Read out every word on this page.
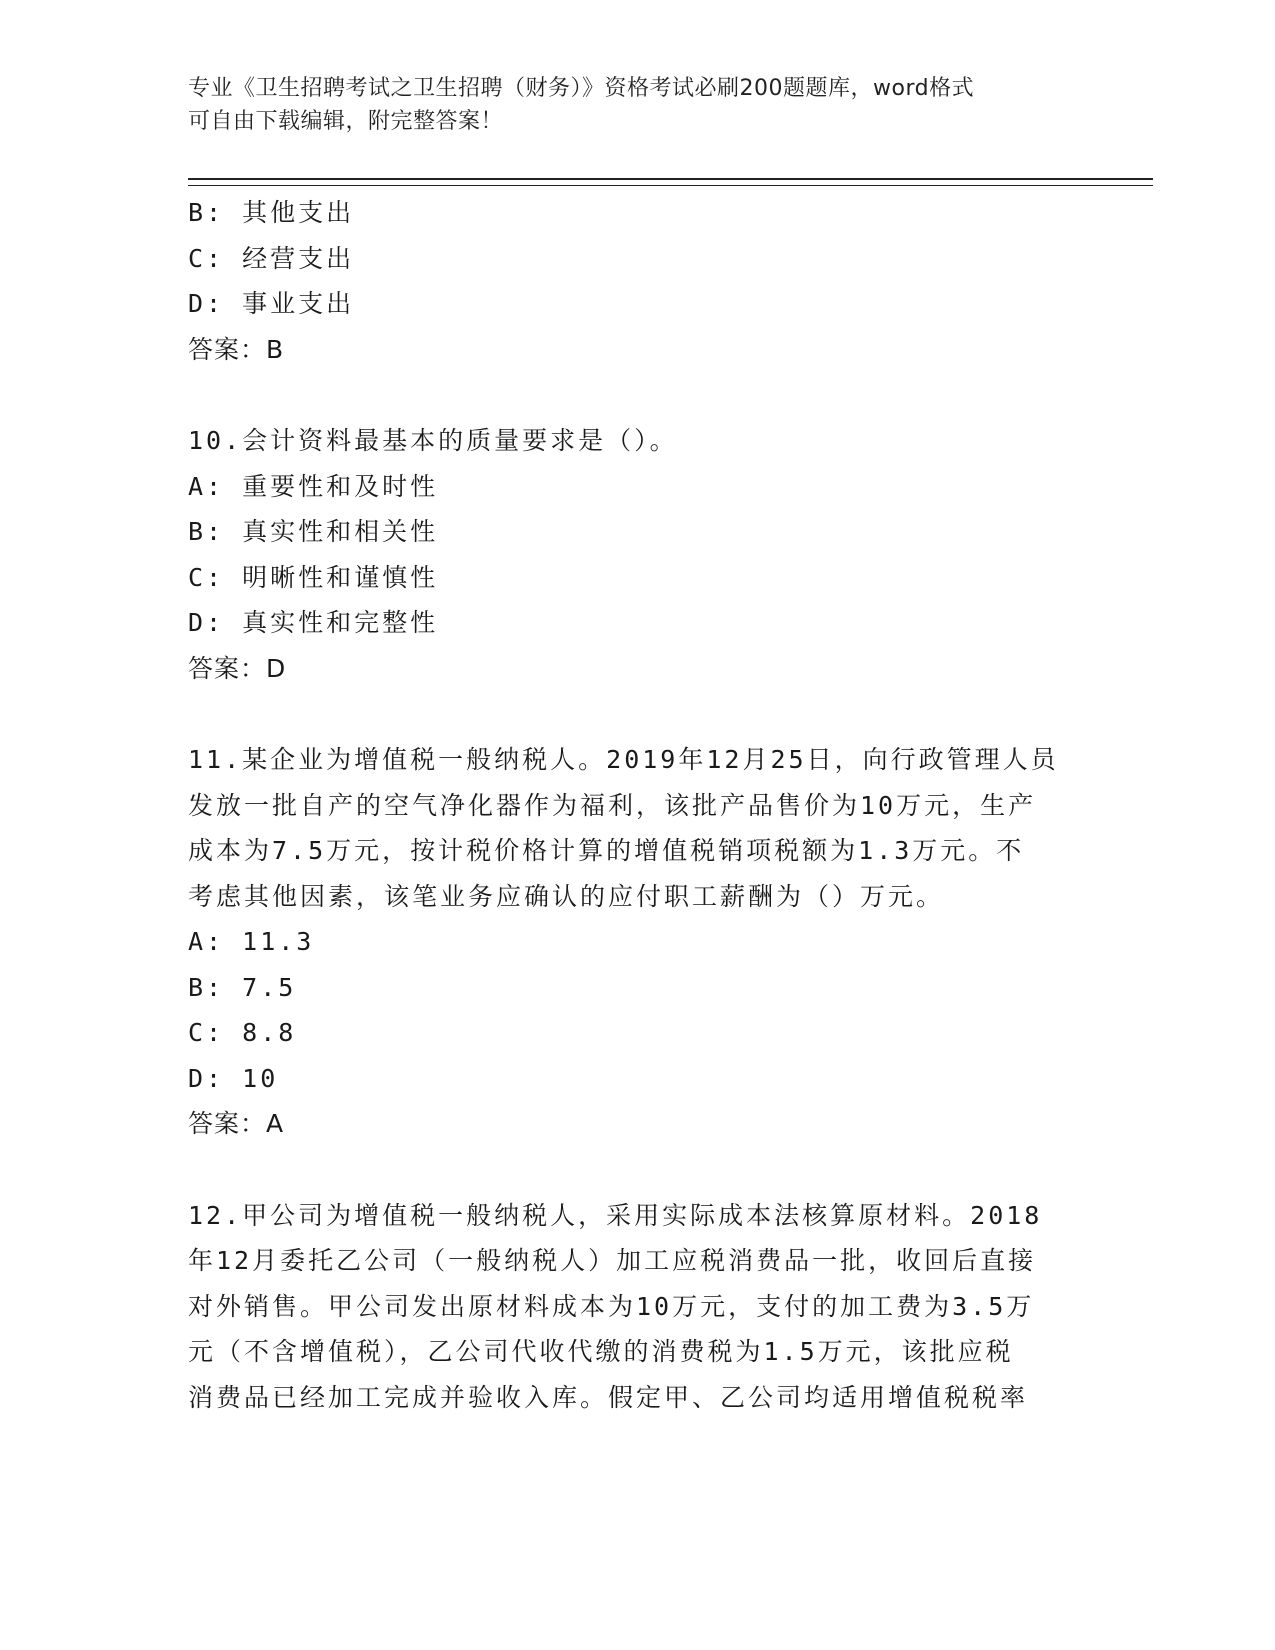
专业《卫生招聘考试之卫生招聘（财务）》资格考试必刷200题题库，word格式
可自由下载编辑，附完整答案！
B: 其他支出
C: 经营支出
D: 事业支出
答案：B
10.会计资料最基本的质量要求是（）。
A: 重要性和及时性
B: 真实性和相关性
C: 明晰性和谨慎性
D: 真实性和完整性
答案：D
11.某企业为增值税一般纳税人。2019年12月25日，向行政管理人员
发放一批自产的空气净化器作为福利，该批产品售价为10万元，生产
成本为7.5万元，按计税价格计算的增值税销项税额为1.3万元。不
考虑其他因素，该笔业务应确认的应付职工薪酬为（）万元。
A: 11.3
B: 7.5
C: 8.8
D: 10
答案：A
12.甲公司为增值税一般纳税人，采用实际成本法核算原材料。2018
年12月委托乙公司（一般纳税人）加工应税消费品一批，收回后直接
对外销售。甲公司发出原材料成本为10万元，支付的加工费为3.5万
元（不含增值税），乙公司代收代缴的消费税为1.5万元，该批应税
消费品已经加工完成并验收入库。假定甲、乙公司均适用增值税税率
